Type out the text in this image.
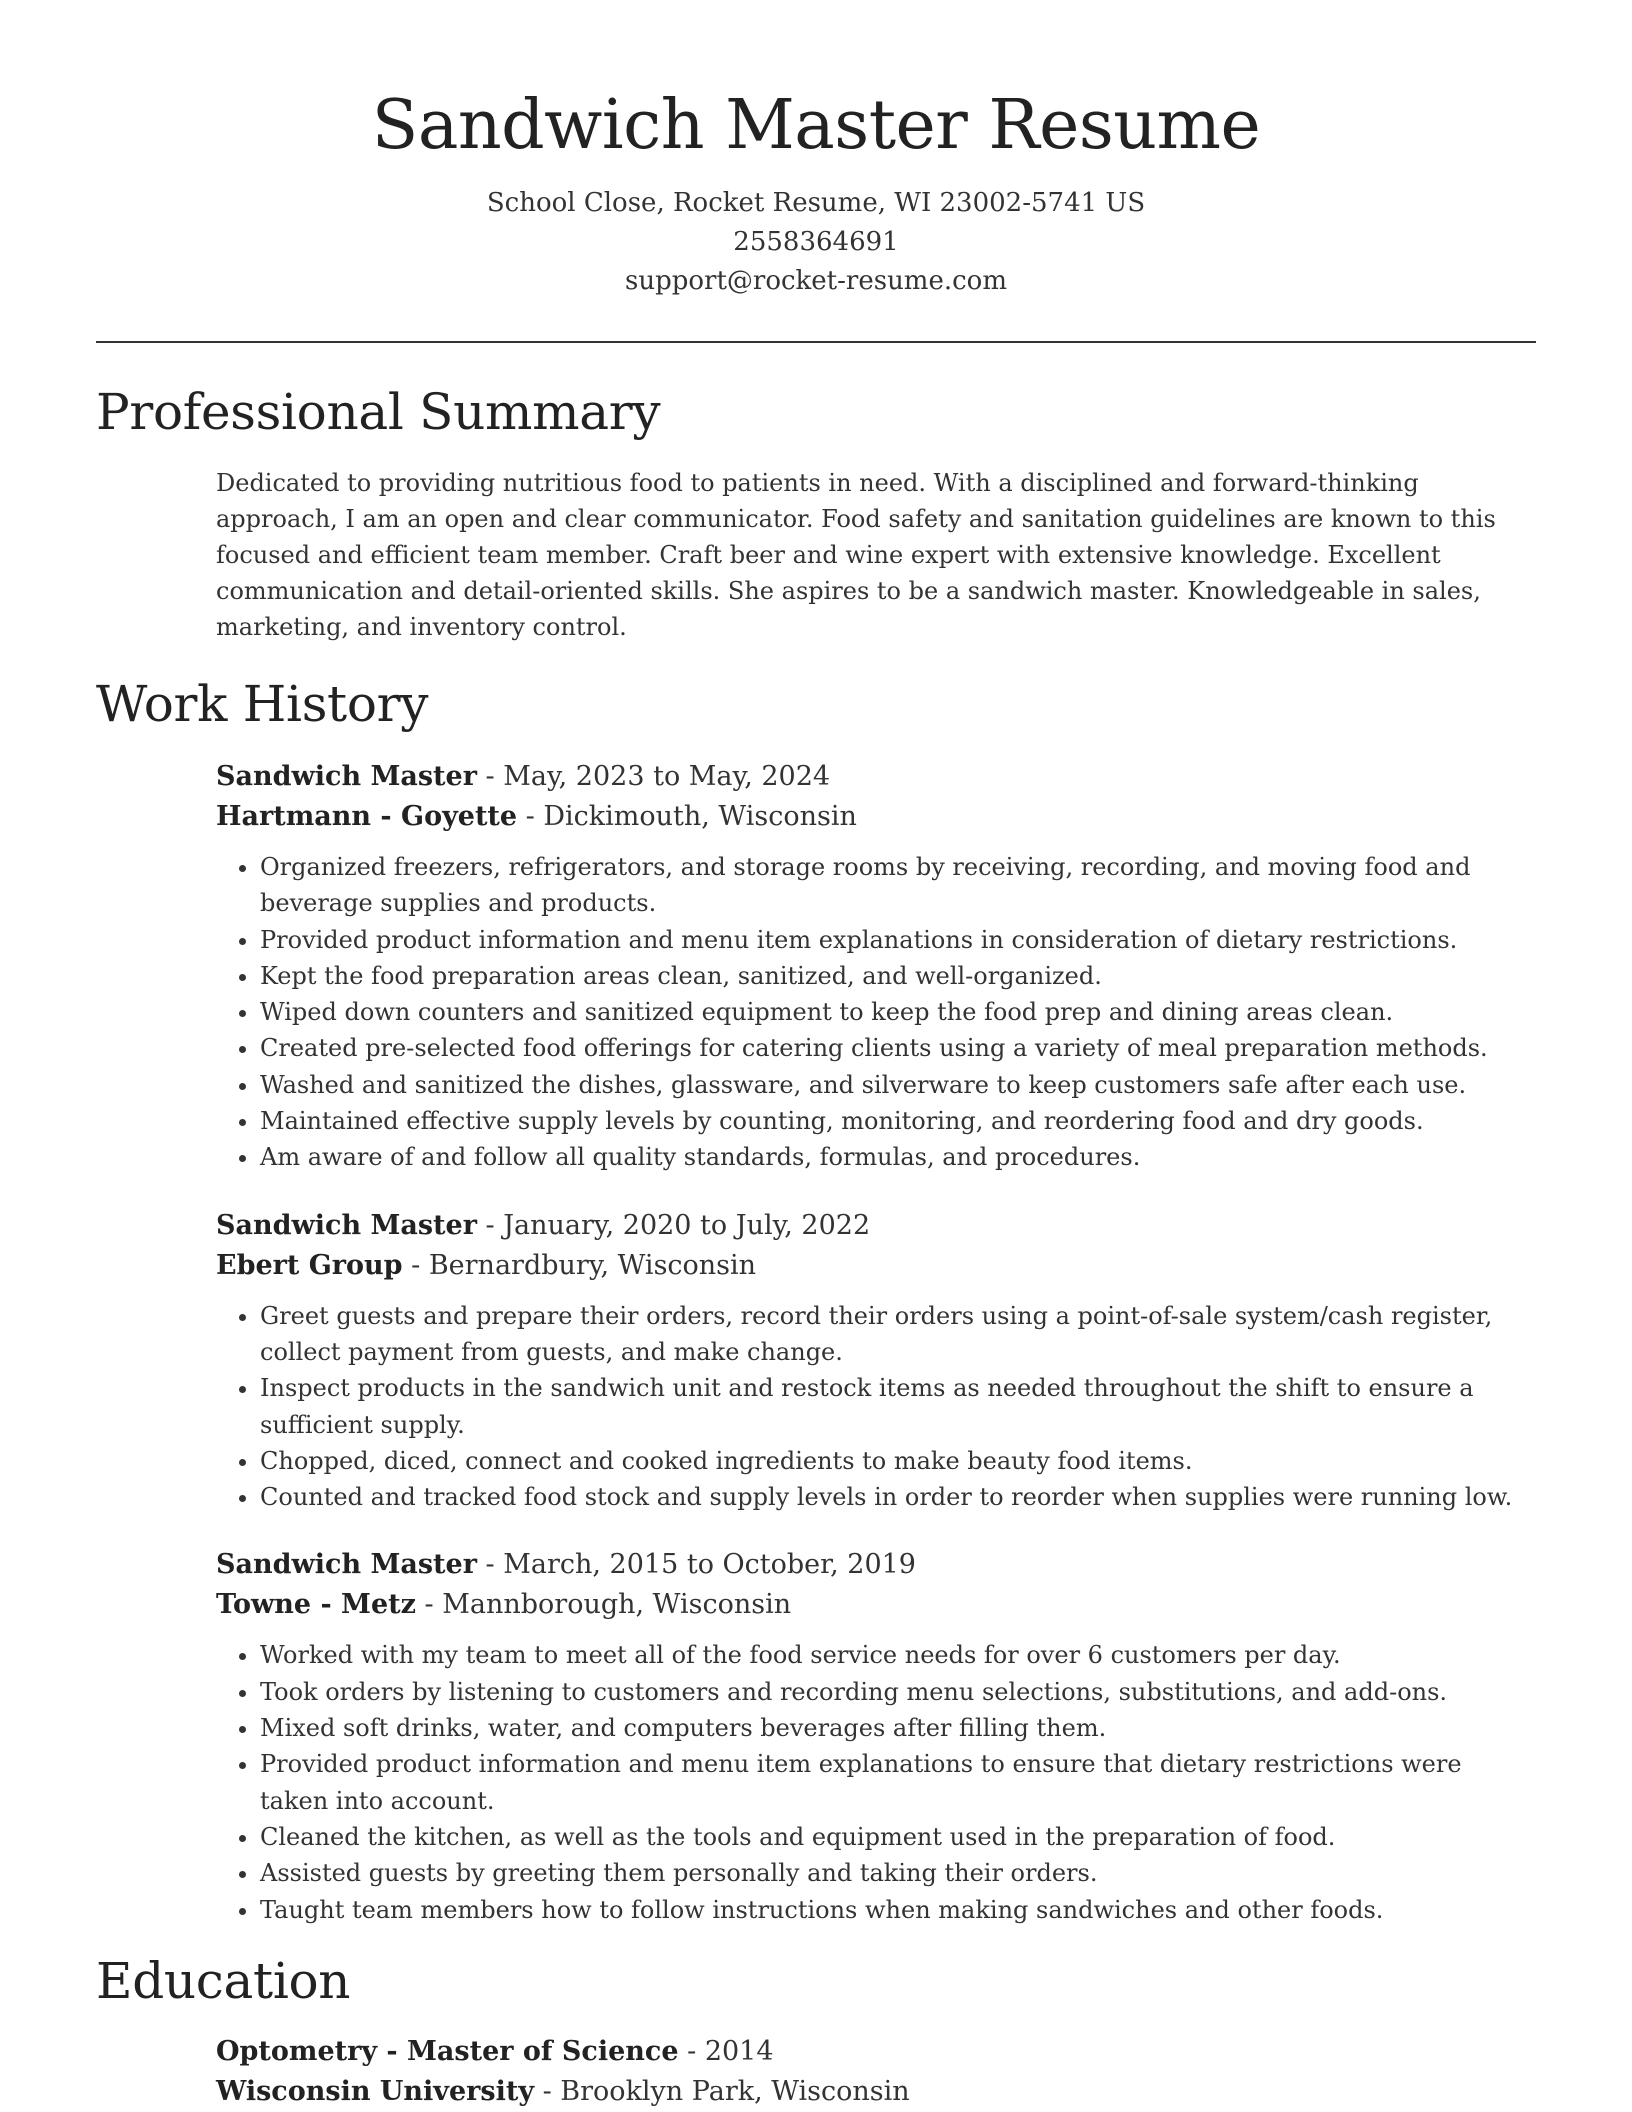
Sandwich Master Resume
School Close, Rocket Resume, WI 23002-5741 US
2558364691
support@rocket-resume.com
Professional Summary

Dedicated to providing nutritious food to patients in need. With a disciplined and forward-thinking approach, I am an open and clear communicator. Food safety and sanitation guidelines are known to this focused and efficient team member. Craft beer and wine expert with extensive knowledge. Excellent communication and detail-oriented skills. She aspires to be a sandwich master. Knowledgeable in sales, marketing, and inventory control.

Work History
Sandwich Master - May, 2023 to May, 2024
Hartmann - Goyette - Dickimouth, Wisconsin
• Organized freezers, refrigerators, and storage rooms by receiving, recording, and moving food and beverage supplies and products.
• Provided product information and menu item explanations in consideration of dietary restrictions.
• Kept the food preparation areas clean, sanitized, and well-organized.
• Wiped down counters and sanitized equipment to keep the food prep and dining areas clean.
• Created pre-selected food offerings for catering clients using a variety of meal preparation methods.
• Washed and sanitized the dishes, glassware, and silverware to keep customers safe after each use.
• Maintained effective supply levels by counting, monitoring, and reordering food and dry goods.
• Am aware of and follow all quality standards, formulas, and procedures.
Sandwich Master - January, 2020 to July, 2022
Ebert Group - Bernardbury, Wisconsin
• Greet guests and prepare their orders, record their orders using a point-of-sale system/cash register, collect payment from guests, and make change.
• Inspect products in the sandwich unit and restock items as needed throughout the shift to ensure a sufficient supply.
• Chopped, diced, connect and cooked ingredients to make beauty food items.
• Counted and tracked food stock and supply levels in order to reorder when supplies were running low.
Sandwich Master - March, 2015 to October, 2019
Towne - Metz - Mannborough, Wisconsin
• Worked with my team to meet all of the food service needs for over 6 customers per day.
• Took orders by listening to customers and recording menu selections, substitutions, and add-ons.
• Mixed soft drinks, water, and computers beverages after filling them.
• Provided product information and menu item explanations to ensure that dietary restrictions were taken into account.
• Cleaned the kitchen, as well as the tools and equipment used in the preparation of food.
• Assisted guests by greeting them personally and taking their orders.
• Taught team members how to follow instructions when making sandwiches and other foods.
Education
Optometry - Master of Science - 2014
Wisconsin University - Brooklyn Park, Wisconsin
